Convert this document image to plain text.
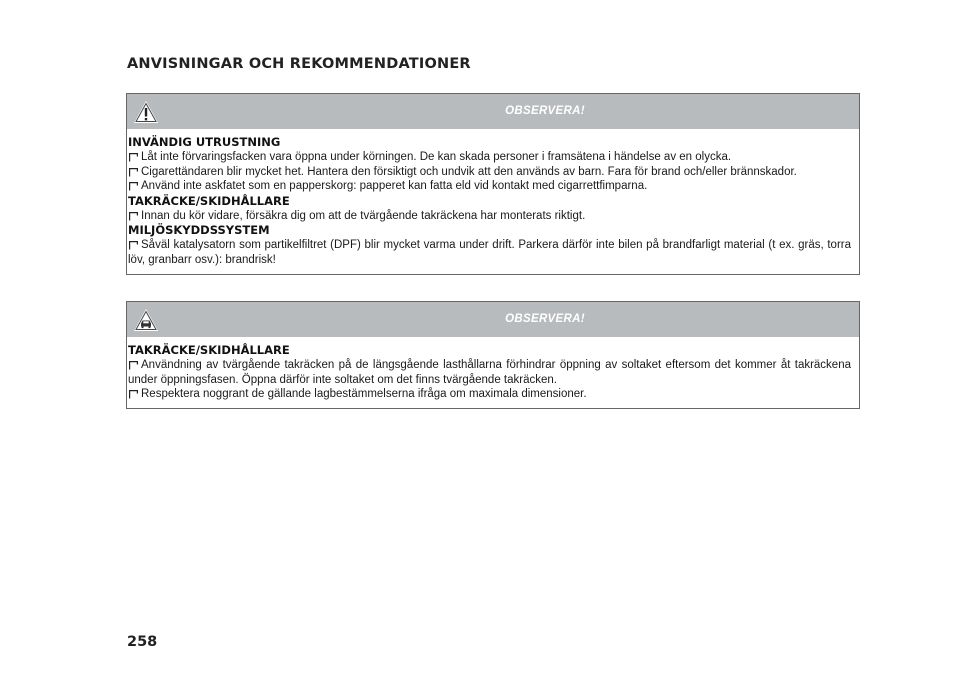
ANVISNINGAR OCH REKOMMENDATIONER
OBSERVERA!
INVÄNDIG UTRUSTNING
Låt inte förvaringsfacken vara öppna under körningen. De kan skada personer i framsätena i händelse av en olycka.
Cigarettändaren blir mycket het. Hantera den försiktigt och undvik att den används av barn. Fara för brand och/eller brännskador.
Använd inte askfatet som en papperskorg: papperet kan fatta eld vid kontakt med cigarrettfimparna.
TAKRÄCKE/SKIDHÅLLARE
Innan du kör vidare, försäkra dig om att de tvärgående takräckena har monterats riktigt.
MILJÖSKYDDSSYSTEM
Såväl katalysatorn som partikelfiltret (DPF) blir mycket varma under drift. Parkera därför inte bilen på brandfarligt material (t ex. gräs, torra löv, granbarr osv.): brandrisk!
OBSERVERA!
TAKRÄCKE/SKIDHÅLLARE
Användning av tvärgående takräcken på de längsgående lasthållarna förhindrar öppning av soltaket eftersom det kommer åt takräckena under öppningsfasen. Öppna därför inte soltaket om det finns tvärgående takräcken.
Respektera noggrant de gällande lagbestämmelserna ifråga om maximala dimensioner.
258
